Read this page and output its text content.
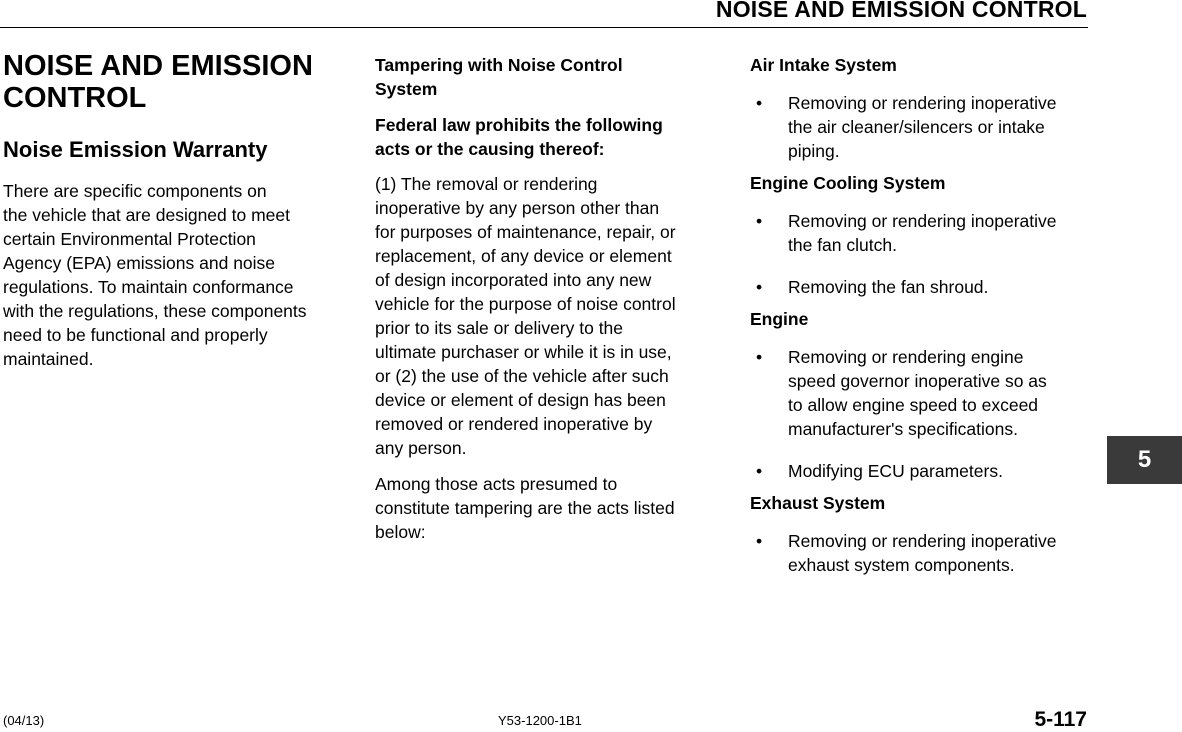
NOISE AND EMISSION CONTROL
NOISE AND EMISSION
CONTROL
Noise Emission Warranty

There are specific components on
the vehicle that are designed to meet
certain Environmental Protection
Agency (EPA) emissions and noise
regulations. To maintain conformance
with the regulations, these components
need to be functional and properly
maintained.

Tampering with Noise Control
System

Federal law prohibits the following
acts or the causing thereof:

(1) The removal or rendering
inoperative by any person other than
for purposes of maintenance, repair, or
replacement, of any device or element
of design incorporated into any new
vehicle for the purpose of noise control
prior to its sale or delivery to the
ultimate purchaser or while it is in use,
or (2) the use of the vehicle after such
device or element of design has been
removed or rendered inoperative by
any person.

Among those acts presumed to
constitute tampering are the acts listed
below:

Air Intake System
• Removing or rendering inoperative
the air cleaner/silencers or intake
piping.
Engine Cooling System
• Removing or rendering inoperative
the fan clutch.
• Removing the fan shroud.
Engine
• Removing or rendering engine
speed governor inoperative so as
to allow engine speed to exceed
manufacturer's specifications.
• Modifying ECU parameters.
Exhaust System
• Removing or rendering inoperative
exhaust system components.
5
(04/13)	Y53-1200-1B1	5-117
